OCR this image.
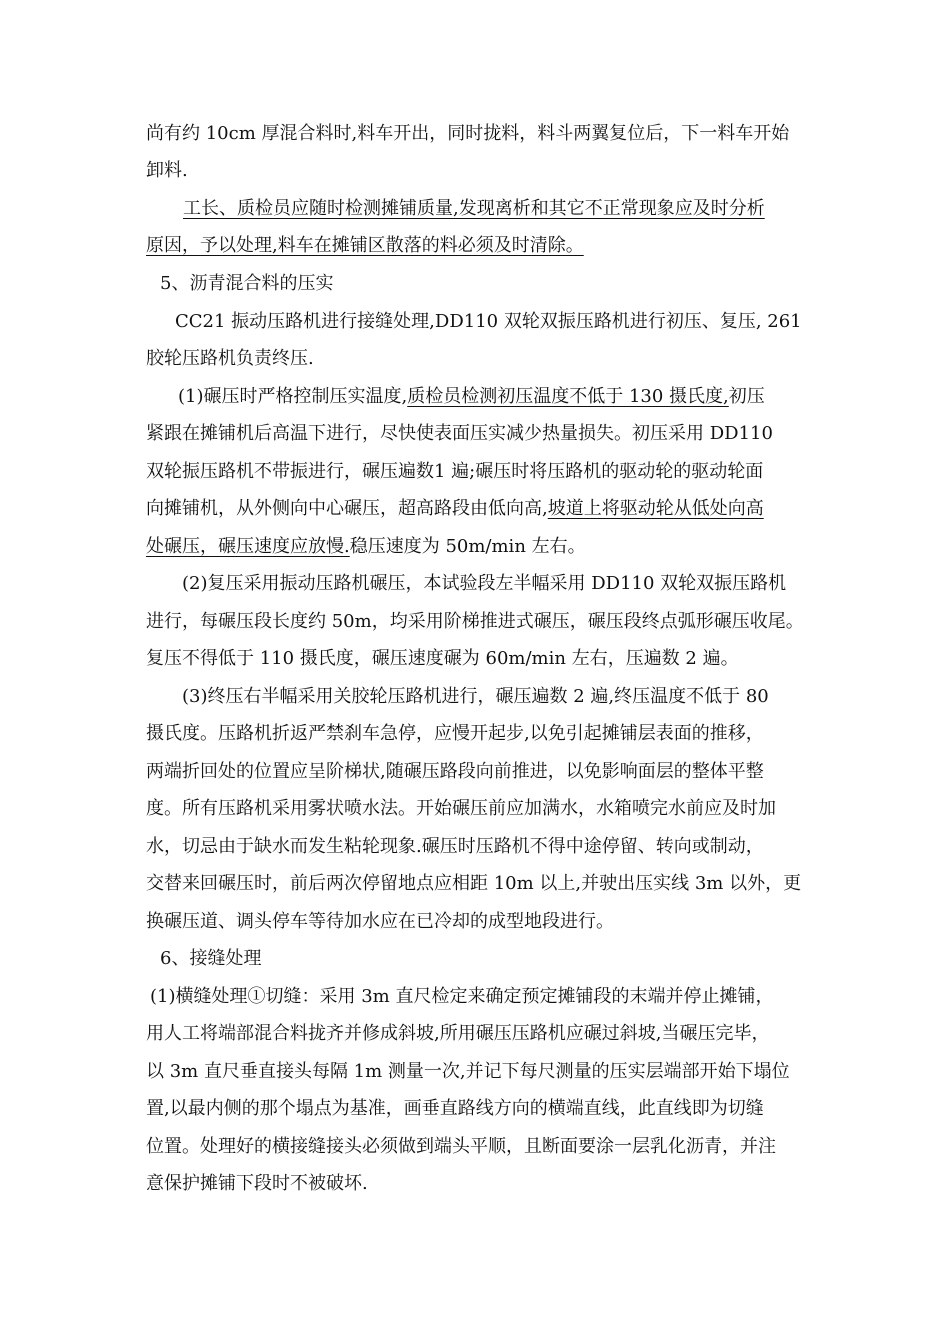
尚有约 10cm 厚混合料时,料车开出，同时拢料，料斗两翼复位后，下一料车开始
卸料.
工长、质检员应随时检测摊铺质量,发现离析和其它不正常现象应及时分析
原因，予以处理,料车在摊铺区散落的料必须及时清除。
5、沥青混合料的压实
CC21 振动压路机进行接缝处理,DD110 双轮双振压路机进行初压、复压, 261
胶轮压路机负责终压.
(1)碾压时严格控制压实温度,质检员检测初压温度不低于 130 摄氏度,初压
紧跟在摊铺机后高温下进行，尽快使表面压实减少热量损失。初压采用 DD110
双轮振压路机不带振进行，碾压遍数1 遍;碾压时将压路机的驱动轮的驱动轮面
向摊铺机，从外侧向中心碾压，超高路段由低向高,坡道上将驱动轮从低处向高
处碾压，碾压速度应放慢.稳压速度为 50m/min 左右。
(2)复压采用振动压路机碾压，本试验段左半幅采用 DD110 双轮双振压路机
进行，每碾压段长度约 50m，均采用阶梯推进式碾压，碾压段终点弧形碾压收尾。
复压不得低于 110 摄氏度，碾压速度碾为 60m/min 左右，压遍数 2 遍。
(3)终压右半幅采用关胶轮压路机进行，碾压遍数 2 遍,终压温度不低于 80
摄氏度。压路机折返严禁刹车急停，应慢开起步,以免引起摊铺层表面的推移，
两端折回处的位置应呈阶梯状,随碾压路段向前推进，以免影响面层的整体平整
度。所有压路机采用雾状喷水法。开始碾压前应加满水，水箱喷完水前应及时加
水，切忌由于缺水而发生粘轮现象.碾压时压路机不得中途停留、转向或制动，
交替来回碾压时，前后两次停留地点应相距 10m 以上,并驶出压实线 3m 以外，更
换碾压道、调头停车等待加水应在已冷却的成型地段进行。
6、接缝处理
(1)横缝处理①切缝：采用 3m 直尺检定来确定预定摊铺段的末端并停止摊铺，
用人工将端部混合料拢齐并修成斜坡,所用碾压压路机应碾过斜坡,当碾压完毕，
以 3m 直尺垂直接头每隔 1m 测量一次,并记下每尺测量的压实层端部开始下塌位
置,以最内侧的那个塌点为基准，画垂直路线方向的横端直线，此直线即为切缝
位置。处理好的横接缝接头必须做到端头平顺，且断面要涂一层乳化沥青，并注
意保护摊铺下段时不被破坏.
